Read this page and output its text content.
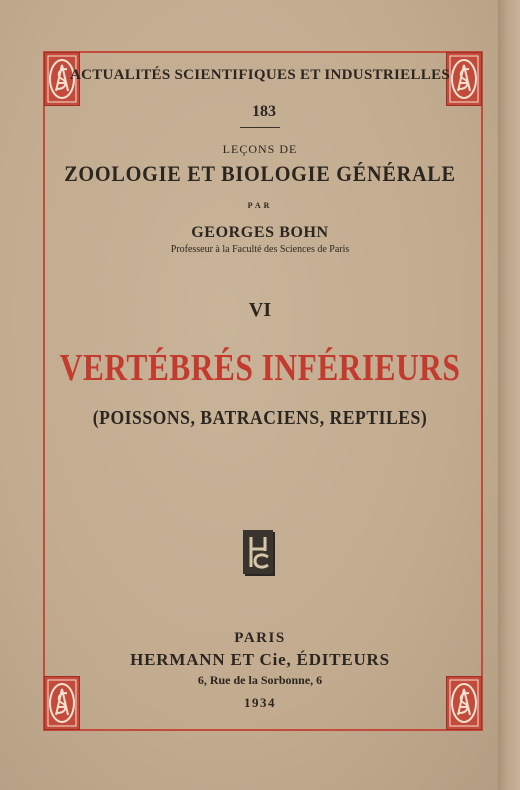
ACTUALITÉS SCIENTIFIQUES ET INDUSTRIELLES
183
LEÇONS DE
ZOOLOGIE ET BIOLOGIE GÉNÉRALE
PAR
GEORGES BOHN
Professeur à la Faculté des Sciences de Paris
VI
VERTÉBRÉS INFÉRIEURS
(POISSONS, BATRACIENS, REPTILES)
PARIS
HERMANN ET Cie, ÉDITEURS
6, Rue de la Sorbonne, 6
1934
